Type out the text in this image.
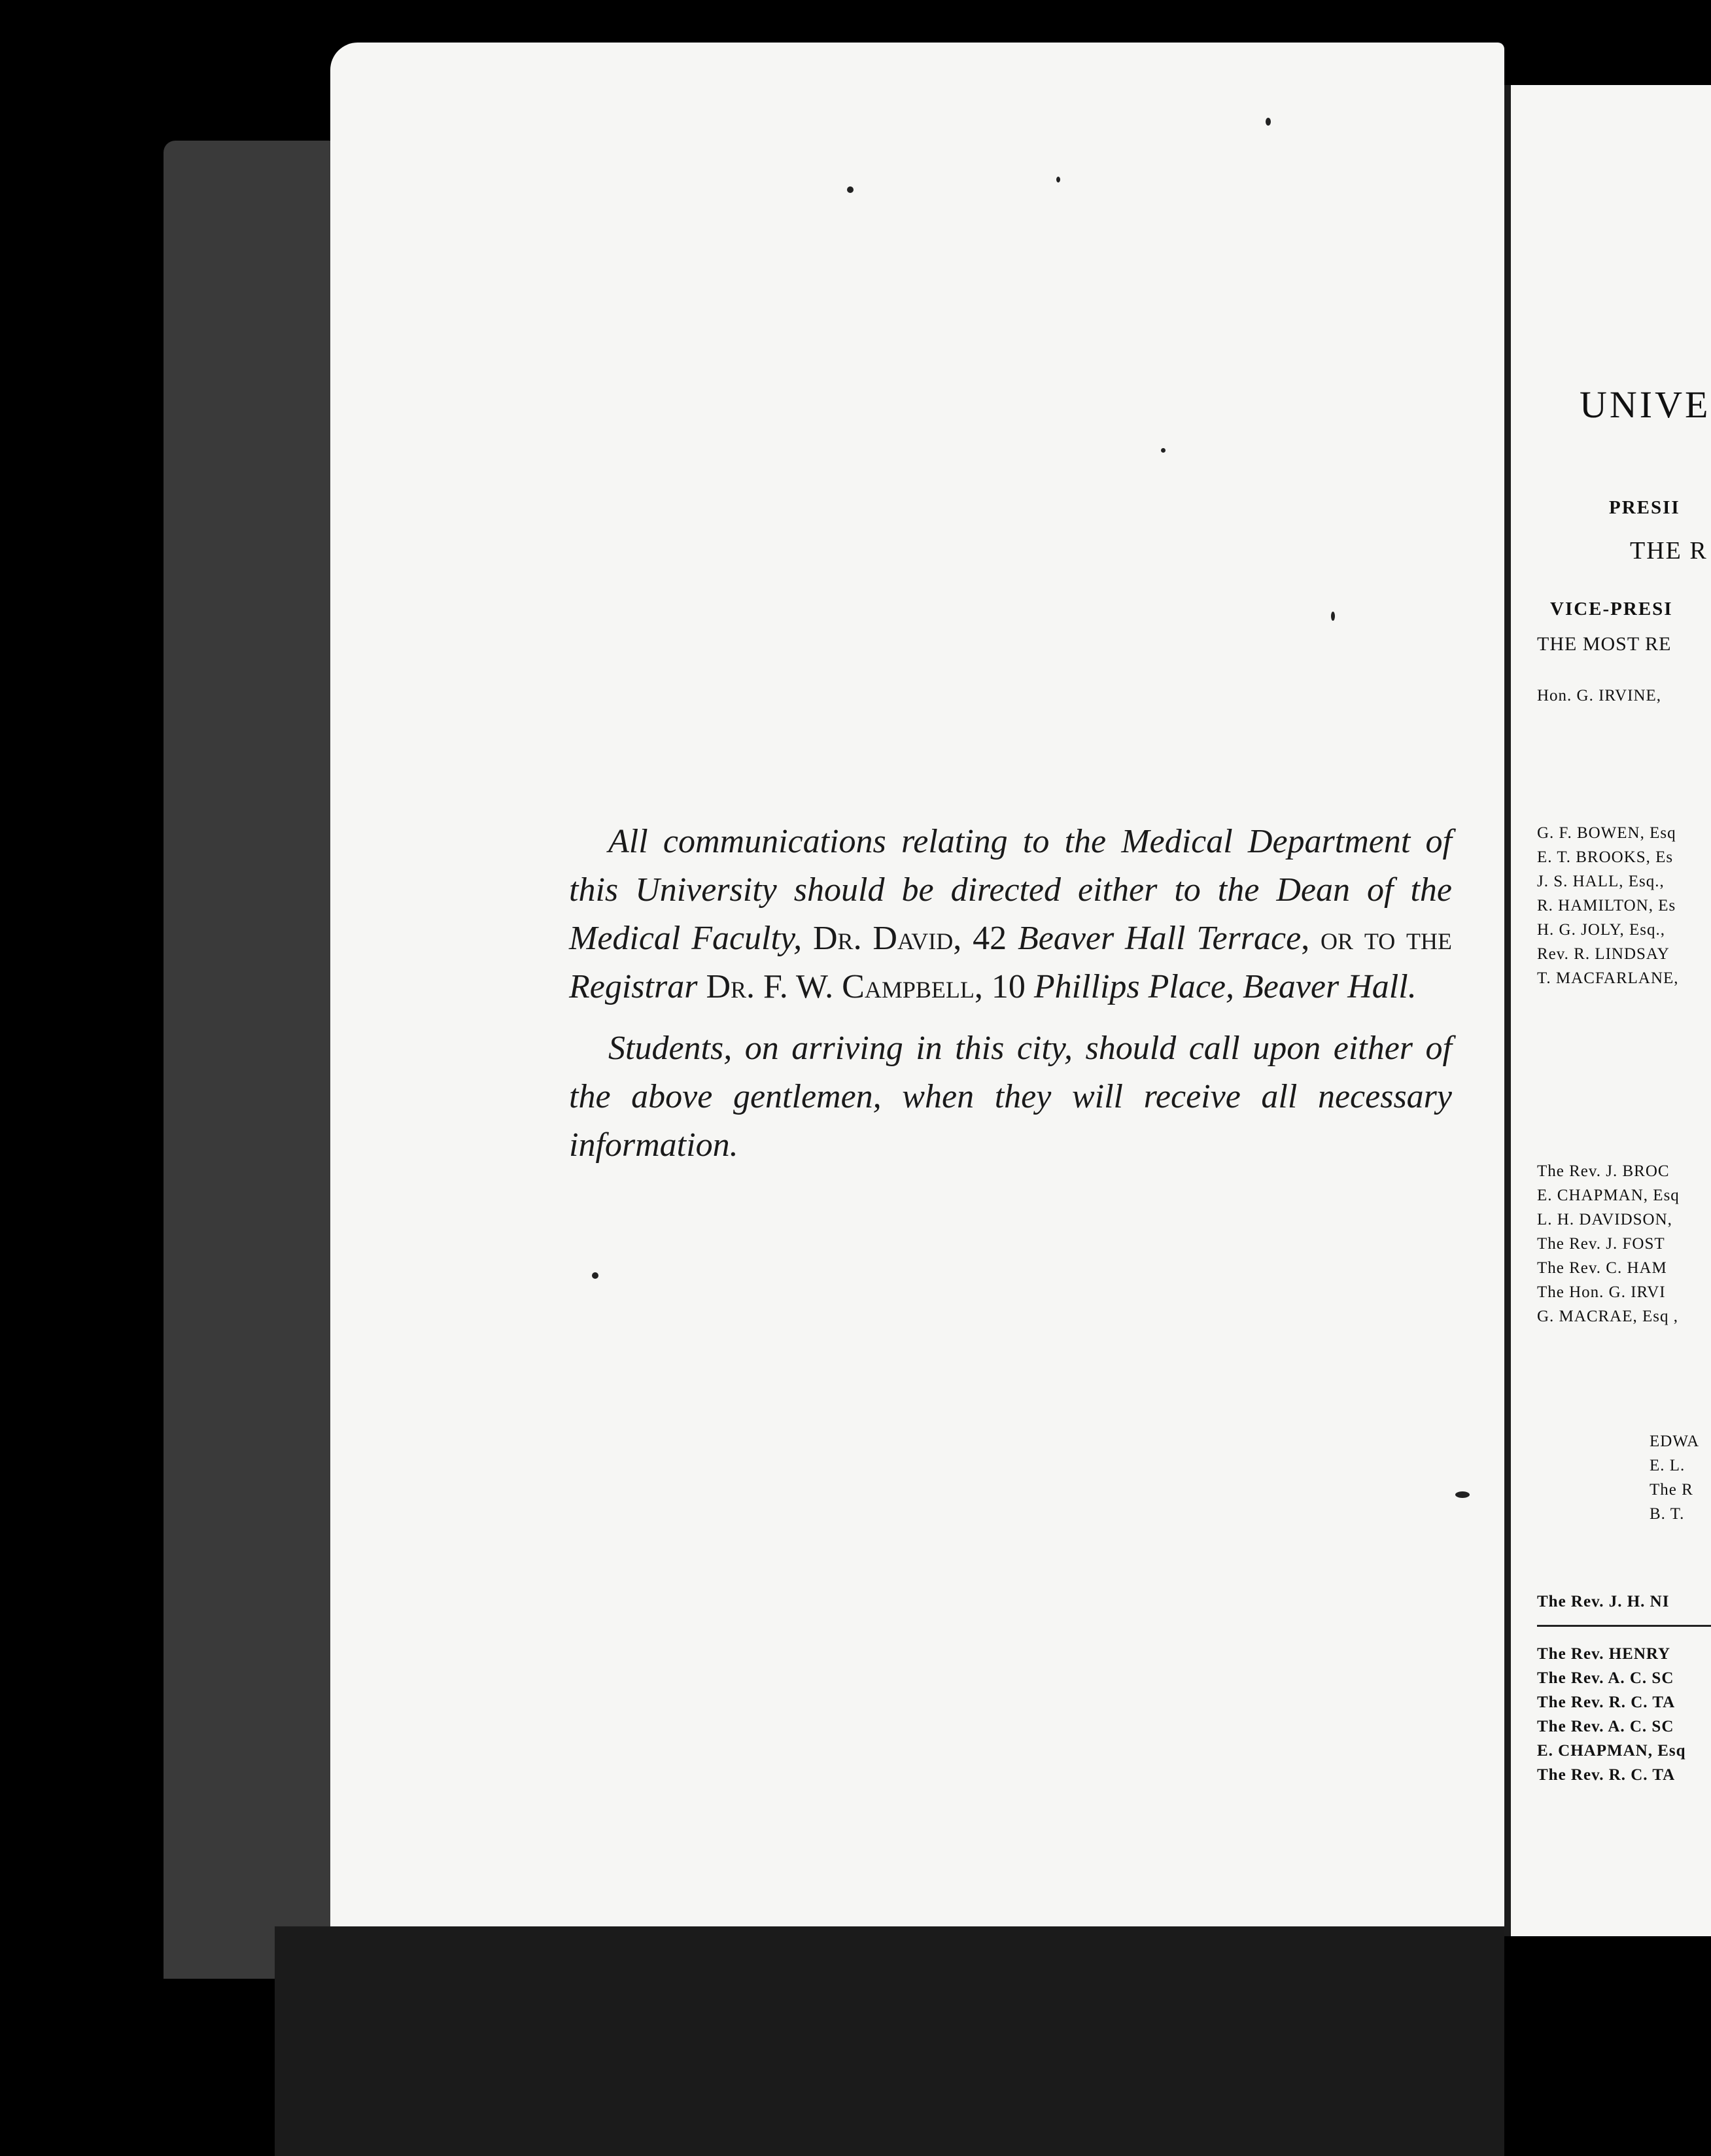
All communications relating to the Medical Department of this University should be directed either to the Dean of the Medical Faculty, Dr. David, 42 Beaver Hall Terrace, or to the Registrar Dr. F. W. Campbell, 10 Phillips Place, Beaver Hall.

Students, on arriving in this city, should call upon either of the above gentlemen, when they will receive all necessary information.

UNIVE
PRESII
THE R
VICE-PRESI
THE MOST RE
Hon. G. IRVINE,
G. F. BOWEN, Esq
E. T. BROOKS, Es
J. S. HALL, Esq.,
R. HAMILTON, Es
H. G. JOLY, Esq.,
Rev. R. LINDSAY
T. MACFARLANE,
The Rev. J. BROC
E. CHAPMAN, Esq
L. H. DAVIDSON,
The Rev. J. FOST
The Rev. C. HAM
The Hon. G. IRVI
G. MACRAE, Esq ,
EDWA
E. L.
The R
B. T.
The Rev. J. H. NI
The Rev. HENRY
The Rev. A. C. SC
The Rev. R. C. TA
The Rev. A. C. SC
E. CHAPMAN, Esq
The Rev. R. C. TA
